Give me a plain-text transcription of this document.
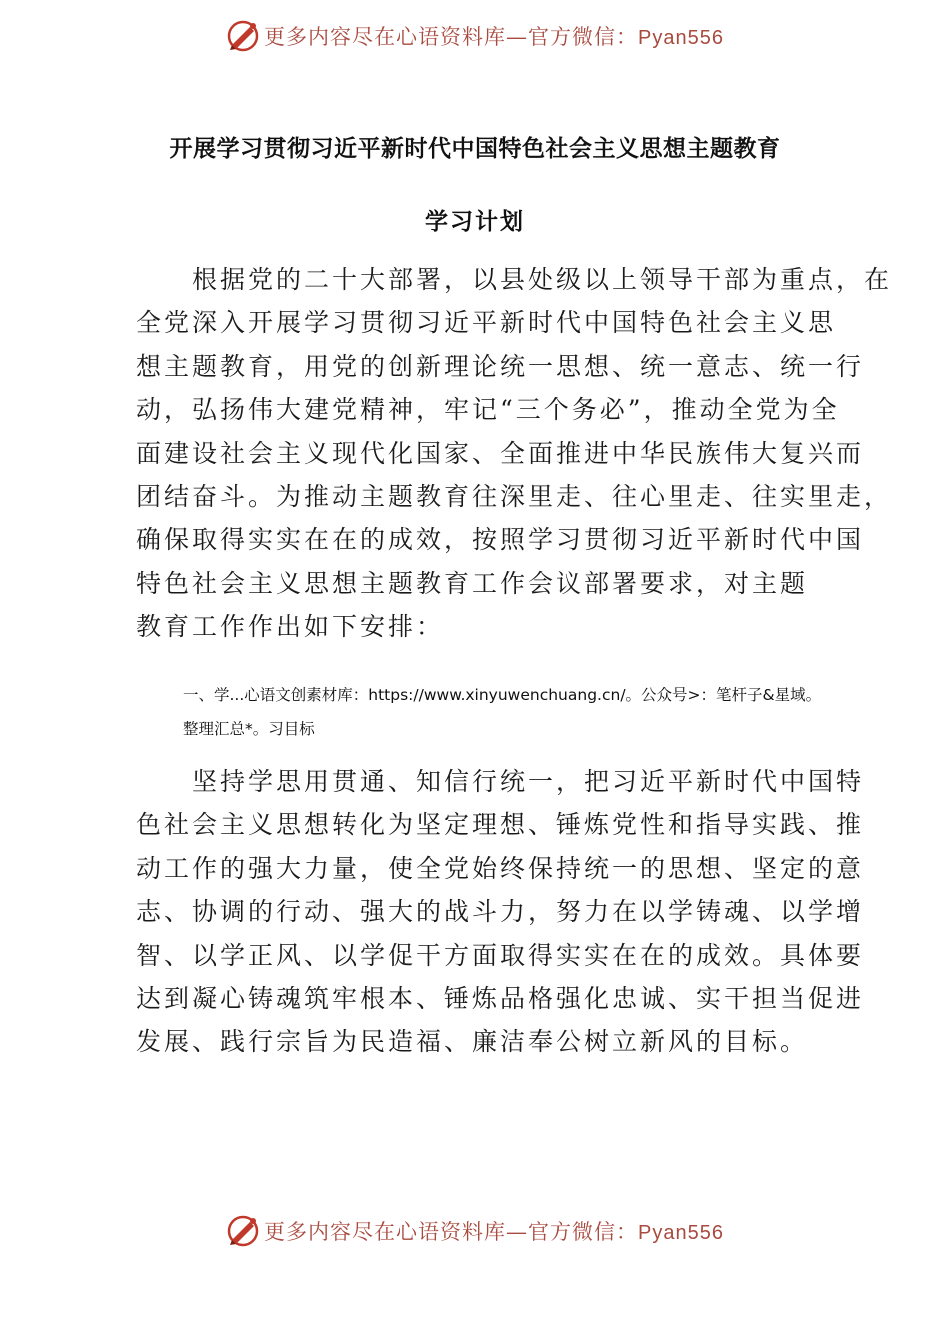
更多内容尽在心语资料库—官方微信：Pyan556
开展学习贯彻习近平新时代中国特色社会主义思想主题教育
学习计划
　　根据党的二十大部署，以县处级以上领导干部为重点，在
全党深入开展学习贯彻习近平新时代中国特色社会主义思
想主题教育，用党的创新理论统一思想、统一意志、统一行
动，弘扬伟大建党精神，牢记“三个务必”，推动全党为全
面建设社会主义现代化国家、全面推进中华民族伟大复兴而
团结奋斗。为推动主题教育往深里走、往心里走、往实里走，
确保取得实实在在的成效，按照学习贯彻习近平新时代中国
特色社会主义思想主题教育工作会议部署要求，对主题
教育工作作出如下安排：
一、学...心语文创素材库：https://www.xinyuwenchuang.cn/。公众号>：笔杆子&星域。
整理汇总*。习目标
　　坚持学思用贯通、知信行统一，把习近平新时代中国特
色社会主义思想转化为坚定理想、锤炼党性和指导实践、推
动工作的强大力量，使全党始终保持统一的思想、坚定的意
志、协调的行动、强大的战斗力，努力在以学铸魂、以学增
智、以学正风、以学促干方面取得实实在在的成效。具体要
达到凝心铸魂筑牢根本、锤炼品格强化忠诚、实干担当促进
发展、践行宗旨为民造福、廉洁奉公树立新风的目标。
更多内容尽在心语资料库—官方微信：Pyan556
